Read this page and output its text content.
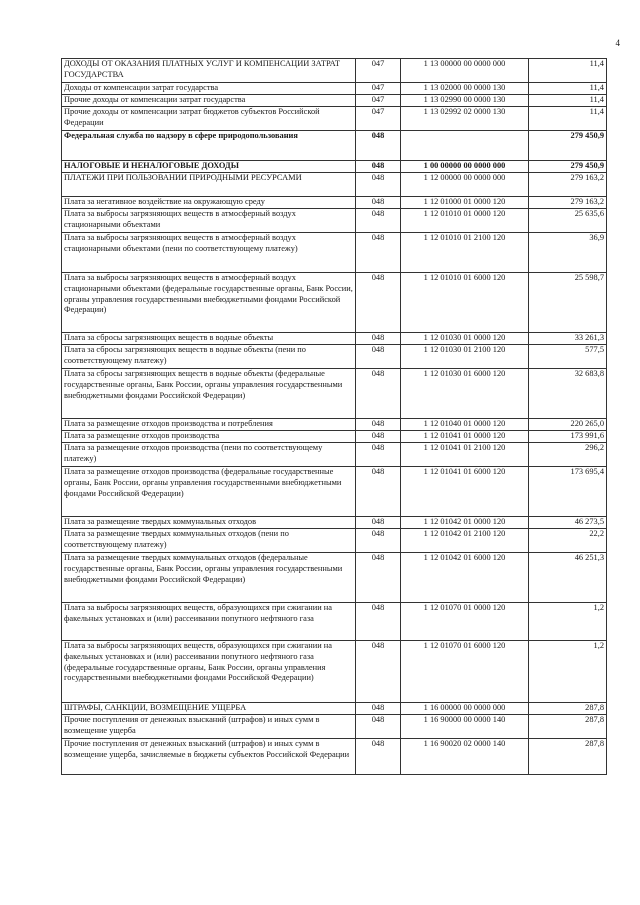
4
ДОХОДЫ ОТ ОКАЗАНИЯ ПЛАТНЫХ УСЛУГ И КОМПЕНСАЦИИ ЗАТРАТ ГОСУДАРСТВА	047	1 13 00000 00 0000 000	11,4
Доходы от компенсации затрат государства	047	1 13 02000 00 0000 130	11,4
Прочие доходы от компенсации затрат государства	047	1 13 02990 00 0000 130	11,4
Прочие доходы от компенсации затрат бюджетов субъектов Российской Федерации	047	1 13 02992 02 0000 130	11,4
Федеральная служба по надзору в сфере природопользования	048		279 450,9
НАЛОГОВЫЕ И НЕНАЛОГОВЫЕ ДОХОДЫ	048	1 00 00000 00 0000 000	279 450,9
ПЛАТЕЖИ ПРИ ПОЛЬЗОВАНИИ ПРИРОДНЫМИ РЕСУРСАМИ	048	1 12 00000 00 0000 000	279 163,2
Плата за негативное воздействие на окружающую среду	048	1 12 01000 01 0000 120	279 163,2
Плата за выбросы загрязняющих веществ в атмосферный воздух стационарными объектами	048	1 12 01010 01 0000 120	25 635,6
Плата за выбросы загрязняющих веществ в атмосферный воздух стационарными объектами (пени по соответствующему платежу)	048	1 12 01010 01 2100 120	36,9
Плата за выбросы загрязняющих веществ в атмосферный воздух стационарными объектами (федеральные государственные органы, Банк России, органы управления государственными внебюджетными фондами Российской Федерации)	048	1 12 01010 01 6000 120	25 598,7
Плата за сбросы загрязняющих веществ в водные объекты	048	1 12 01030 01 0000 120	33 261,3
Плата за сбросы загрязняющих веществ в водные объекты (пени по соответствующему платежу)	048	1 12 01030 01 2100 120	577,5
Плата за сбросы загрязняющих веществ в водные объекты (федеральные государственные органы, Банк России, органы управления государственными внебюджетными фондами Российской Федерации)	048	1 12 01030 01 6000 120	32 683,8
Плата за размещение отходов производства и потребления	048	1 12 01040 01 0000 120	220 265,0
Плата за размещение отходов производства	048	1 12 01041 01 0000 120	173 991,6
Плата за размещение отходов производства (пени по соответствующему платежу)	048	1 12 01041 01 2100 120	296,2
Плата за размещение отходов производства (федеральные государственные органы, Банк России, органы управления государственными внебюджетными фондами Российской Федерации)	048	1 12 01041 01 6000 120	173 695,4
Плата за размещение твердых коммунальных отходов	048	1 12 01042 01 0000 120	46 273,5
Плата за размещение твердых коммунальных отходов (пени по соответствующему платежу)	048	1 12 01042 01 2100 120	22,2
Плата за размещение твердых коммунальных отходов (федеральные государственные органы, Банк России, органы управления государственными внебюджетными фондами Российской Федерации)	048	1 12 01042 01 6000 120	46 251,3
Плата за выбросы загрязняющих веществ, образующихся при сжигании на факельных установках и (или) рассеивании попутного нефтяного газа	048	1 12 01070 01 0000 120	1,2
Плата за выбросы загрязняющих веществ, образующихся при сжигании на факельных установках и (или) рассеивании попутного нефтяного газа (федеральные государственные органы, Банк России, органы управления государственными внебюджетными фондами Российской Федерации)	048	1 12 01070 01 6000 120	1,2
ШТРАФЫ, САНКЦИИ, ВОЗМЕЩЕНИЕ УЩЕРБА	048	1 16 00000 00 0000 000	287,8
Прочие поступления от денежных взысканий (штрафов) и иных сумм в возмещение ущерба	048	1 16 90000 00 0000 140	287,8
Прочие поступления от денежных взысканий (штрафов) и иных сумм в возмещение ущерба, зачисляемые в бюджеты субъектов Российской Федерации	048	1 16 90020 02 0000 140	287,8
